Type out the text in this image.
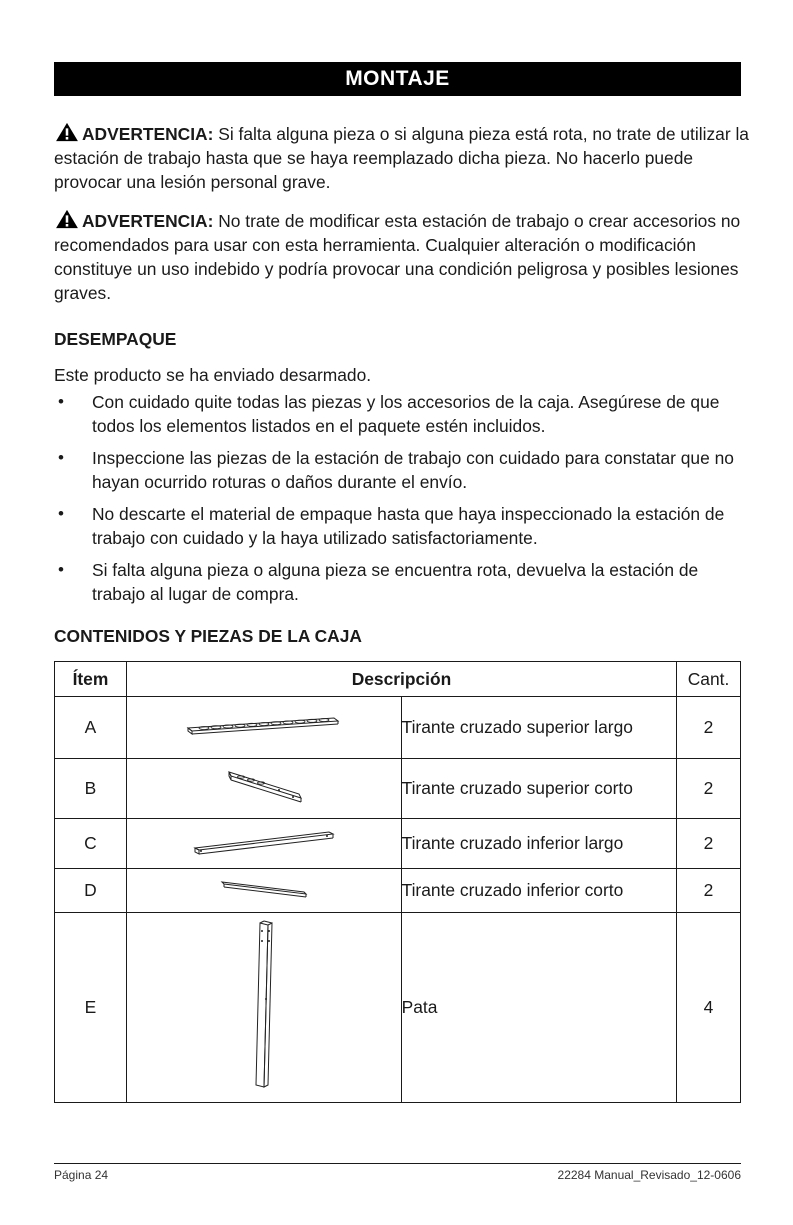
MONTAJE
ADVERTENCIA: Si falta alguna pieza o si alguna pieza está rota, no trate de utilizar la estación de trabajo hasta que se haya reemplazado dicha pieza. No hacerlo puede provocar una lesión personal grave.
ADVERTENCIA: No trate de modificar esta estación de trabajo o crear accesorios no recomendados para usar con esta herramienta. Cualquier alteración o modificación constituye un uso indebido y podría provocar una condición peligrosa y posibles lesiones graves.
DESEMPAQUE
Este producto se ha enviado desarmado.
• Con cuidado quite todas las piezas y los accesorios de la caja. Asegúrese de que todos los elementos listados en el paquete estén incluidos.
• Inspeccione las piezas de la estación de trabajo con cuidado para constatar que no hayan ocurrido roturas o daños durante el envío.
• No descarte el material de empaque hasta que haya inspeccionado la estación de trabajo con cuidado y la haya utilizado satisfactoriamente.
• Si falta alguna pieza o alguna pieza se encuentra rota, devuelva la estación de trabajo al lugar de compra.
CONTENIDOS Y PIEZAS DE LA CAJA
Ítem	Descripción		Cant.
A		Tirante cruzado superior largo	2
B		Tirante cruzado superior corto	2
C		Tirante cruzado inferior largo	2
D		Tirante cruzado inferior corto	2
E		Pata	4
Página 24	22284 Manual_Revisado_12-0606
